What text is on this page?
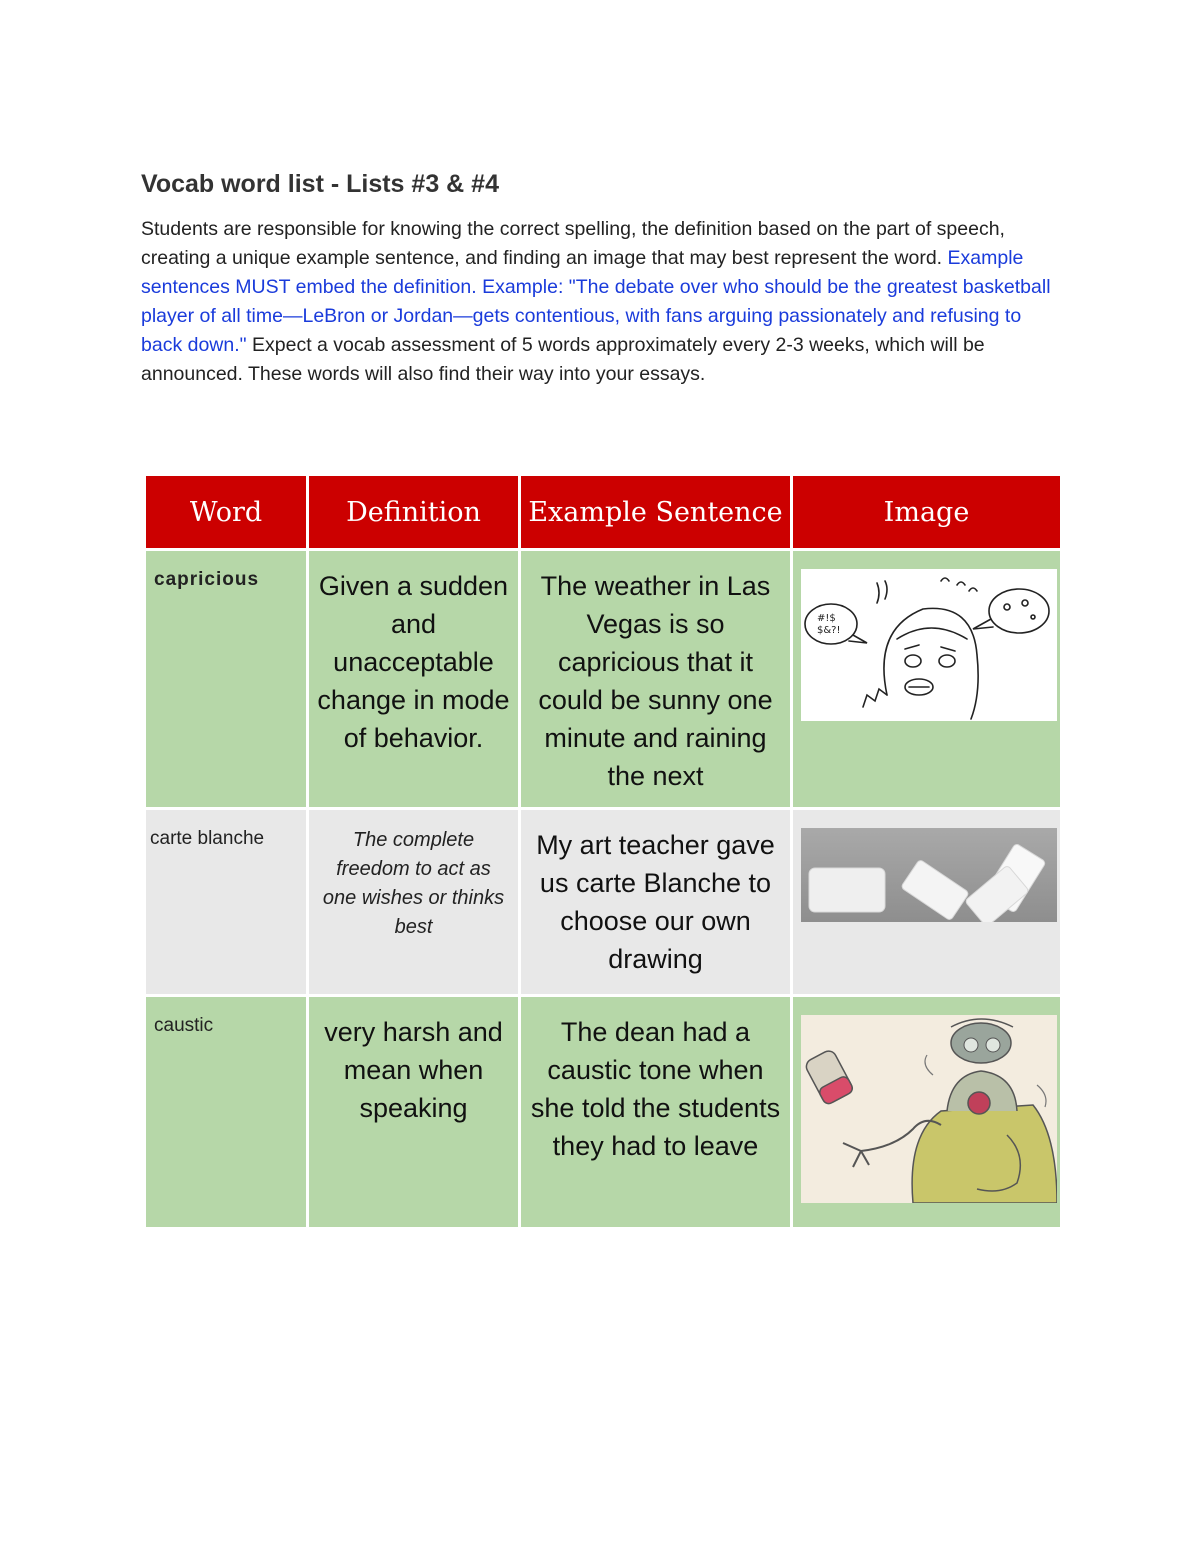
Vocab word list - Lists #3 & #4

Students are responsible for knowing the correct spelling, the definition based on the part of speech, creating a unique example sentence, and finding an image that may best represent the word. Example sentences MUST embed the definition. Example: "The debate over who should be the greatest basketball player of all time—LeBron or Jordan—gets contentious, with fans arguing passionately and refusing to back down." Expect a vocab assessment of 5 words approximately every 2-3 weeks, which will be announced. These words will also find their way into your essays.

Word	Definition	Example Sentence	Image

capricious	Given a sudden and unacceptable change in mode of behavior.	The weather in Las Vegas is so capricious that it could be sunny one minute and raining the next	#!$
$&?!

carte blanche	The complete freedom to act as one wishes or thinks best	My art teacher gave us carte Blanche to choose our own drawing

caustic	very harsh and mean when speaking	The dean had a caustic tone when she told the students they had to leave
